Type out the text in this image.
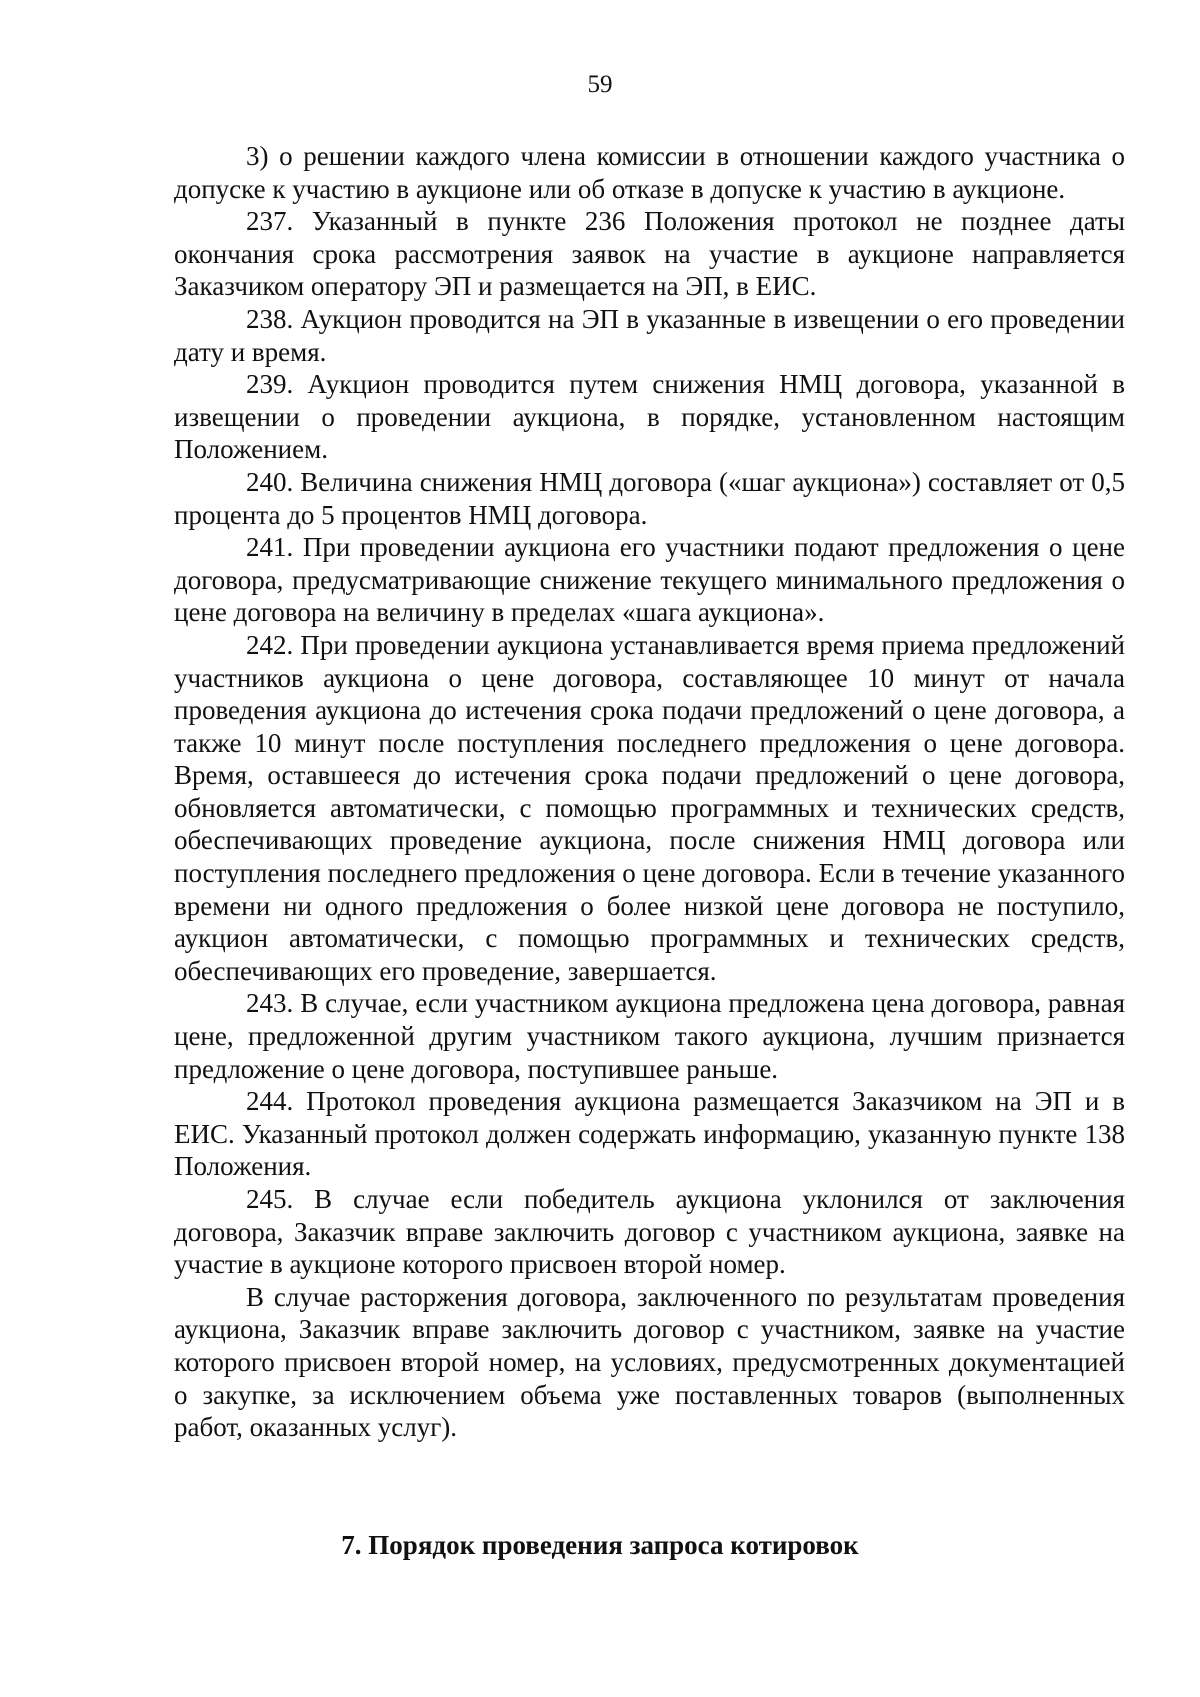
59

3) о решении каждого члена комиссии в отношении каждого участника о допуске к участию в аукционе или об отказе в допуске к участию в аукционе.

237. Указанный в пункте 236 Положения протокол не позднее даты окончания срока рассмотрения заявок на участие в аукционе направляется Заказчиком оператору ЭП и размещается на ЭП, в ЕИС.

238. Аукцион проводится на ЭП в указанные в извещении о его проведении дату и время.

239. Аукцион проводится путем снижения НМЦ договора, указанной в извещении о проведении аукциона, в порядке, установленном настоящим Положением.

240. Величина снижения НМЦ договора («шаг аукциона») составляет от 0,5 процента до 5 процентов НМЦ договора.

241. При проведении аукциона его участники подают предложения о цене договора, предусматривающие снижение текущего минимального предложения о цене договора на величину в пределах «шага аукциона».

242. При проведении аукциона устанавливается время приема предложений участников аукциона о цене договора, составляющее 10 минут от начала проведения аукциона до истечения срока подачи предложений о цене договора, а также 10 минут после поступления последнего предложения о цене договора. Время, оставшееся до истечения срока подачи предложений о цене договора, обновляется автоматически, с помощью программных и технических средств, обеспечивающих проведение аукциона, после снижения НМЦ договора или поступления последнего предложения о цене договора. Если в течение указанного времени ни одного предложения о более низкой цене договора не поступило, аукцион автоматически, с помощью программных и технических средств, обеспечивающих его проведение, завершается.

243. В случае, если участником аукциона предложена цена договора, равная цене, предложенной другим участником такого аукциона, лучшим признается предложение о цене договора, поступившее раньше.

244. Протокол проведения аукциона размещается Заказчиком на ЭП и в ЕИС. Указанный протокол должен содержать информацию, указанную пункте 138 Положения.

245. В случае если победитель аукциона уклонился от заключения договора, Заказчик вправе заключить договор с участником аукциона, заявке на участие в аукционе которого присвоен второй номер.

В случае расторжения договора, заключенного по результатам проведения аукциона, Заказчик вправе заключить договор с участником, заявке на участие которого присвоен второй номер, на условиях, предусмотренных документацией о закупке, за исключением объема уже поставленных товаров (выполненных работ, оказанных услуг).

7. Порядок проведения запроса котировок
